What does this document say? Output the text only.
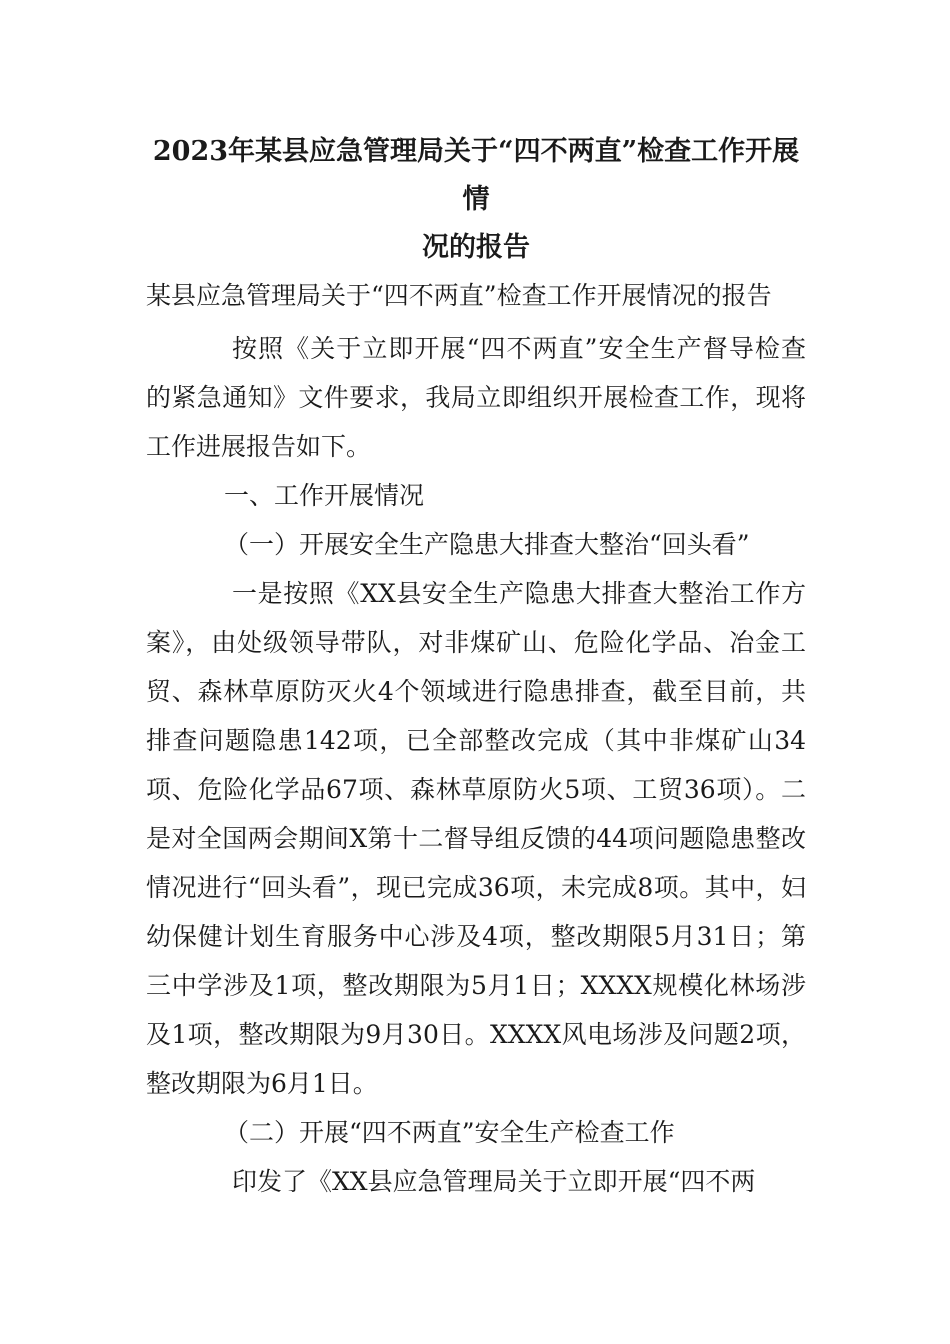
2023年某县应急管理局关于“四不两直”检查工作开展情
况的报告

某县应急管理局关于“四不两直”检查工作开展情况的报告

按照《关于立即开展“四不两直”安全生产督导检查的紧急通知》文件要求，我局立即组织开展检查工作，现将工作进展报告如下。

一、工作开展情况

（一）开展安全生产隐患大排查大整治“回头看”

一是按照《XX县安全生产隐患大排查大整治工作方案》，由处级领导带队，对非煤矿山、危险化学品、冶金工贸、森林草原防灭火4个领域进行隐患排查，截至目前，共排查问题隐患142项，已全部整改完成（其中非煤矿山34项、危险化学品67项、森林草原防火5项、工贸36项）。二是对全国两会期间X第十二督导组反馈的44项问题隐患整改情况进行“回头看”，现已完成36项，未完成8项。其中，妇幼保健计划生育服务中心涉及4项，整改期限5月31日；第三中学涉及1项，整改期限为5月1日；XXXX规模化林场涉及1项，整改期限为9月30日。XXXX风电场涉及问题2项，整改期限为6月1日。

（二）开展“四不两直”安全生产检查工作

印发了《XX县应急管理局关于立即开展“四不两
